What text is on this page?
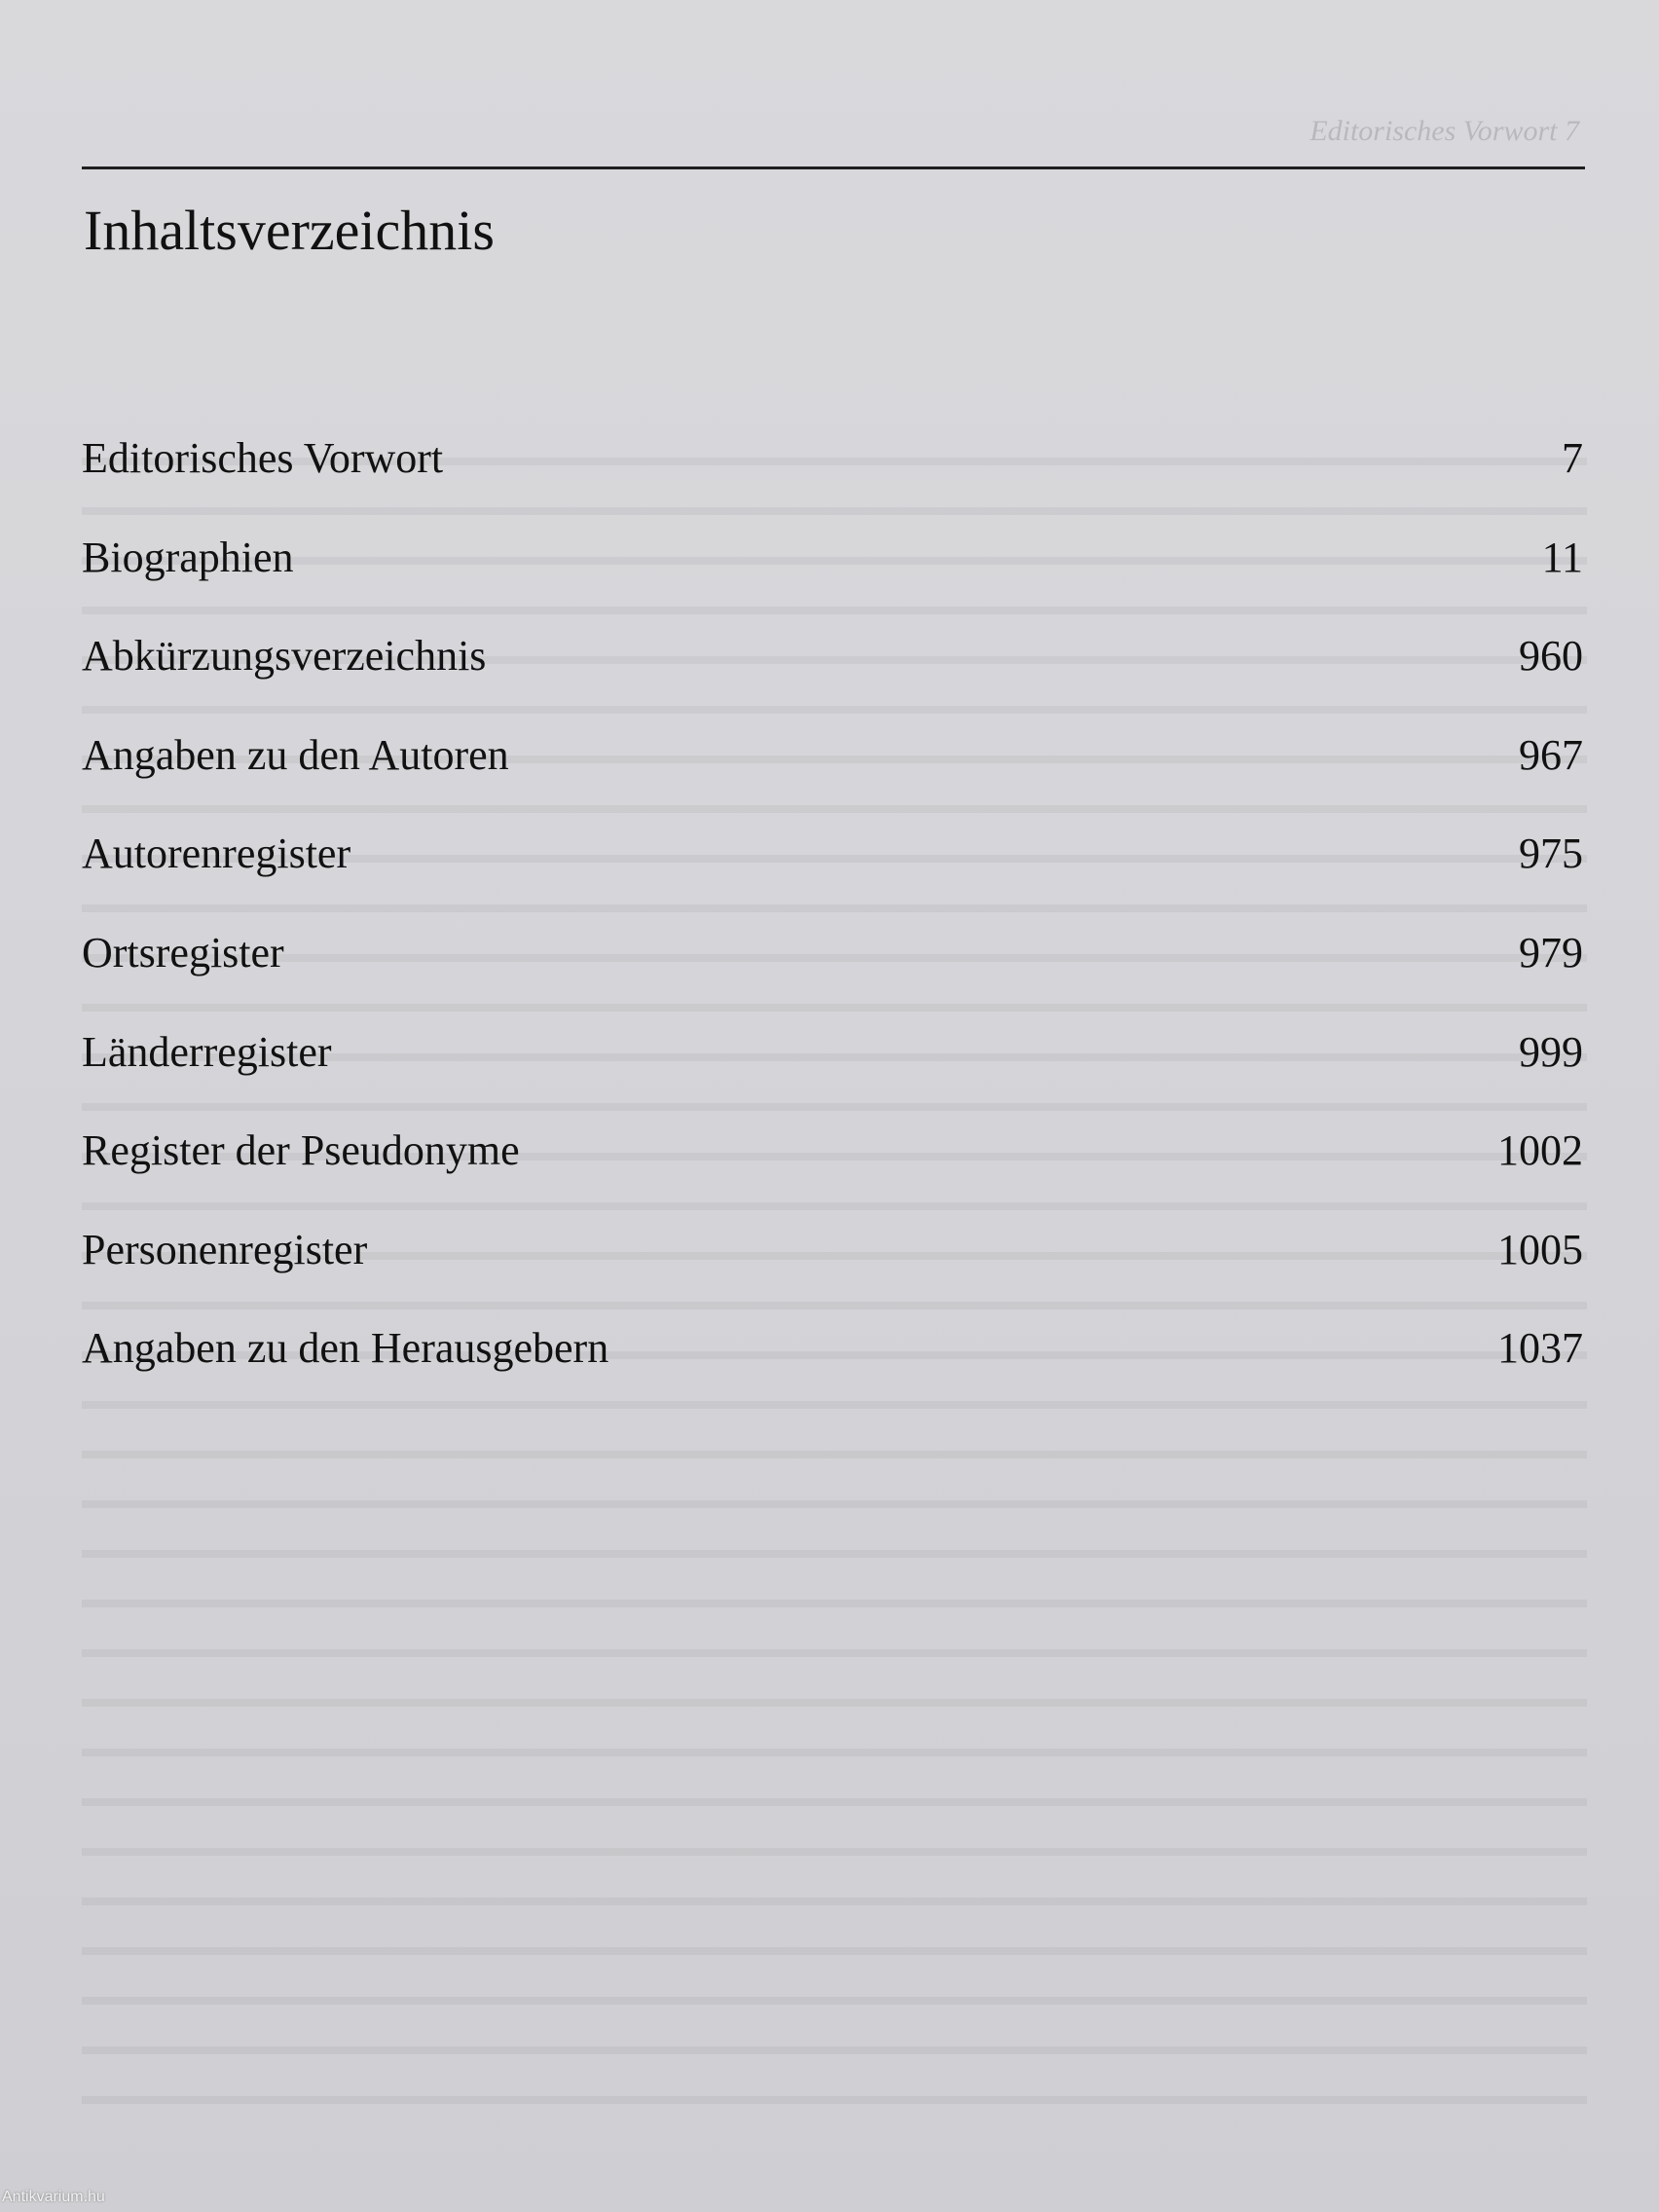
Editorisches Vorwort 7
Inhaltsverzeichnis
Editorisches Vorwort	7
Biographien	11
Abkürzungsverzeichnis	960
Angaben zu den Autoren	967
Autorenregister	975
Ortsregister	979
Länderregister	999
Register der Pseudonyme	1002
Personenregister	1005
Angaben zu den Herausgebern	1037
Antikvarium.hu
